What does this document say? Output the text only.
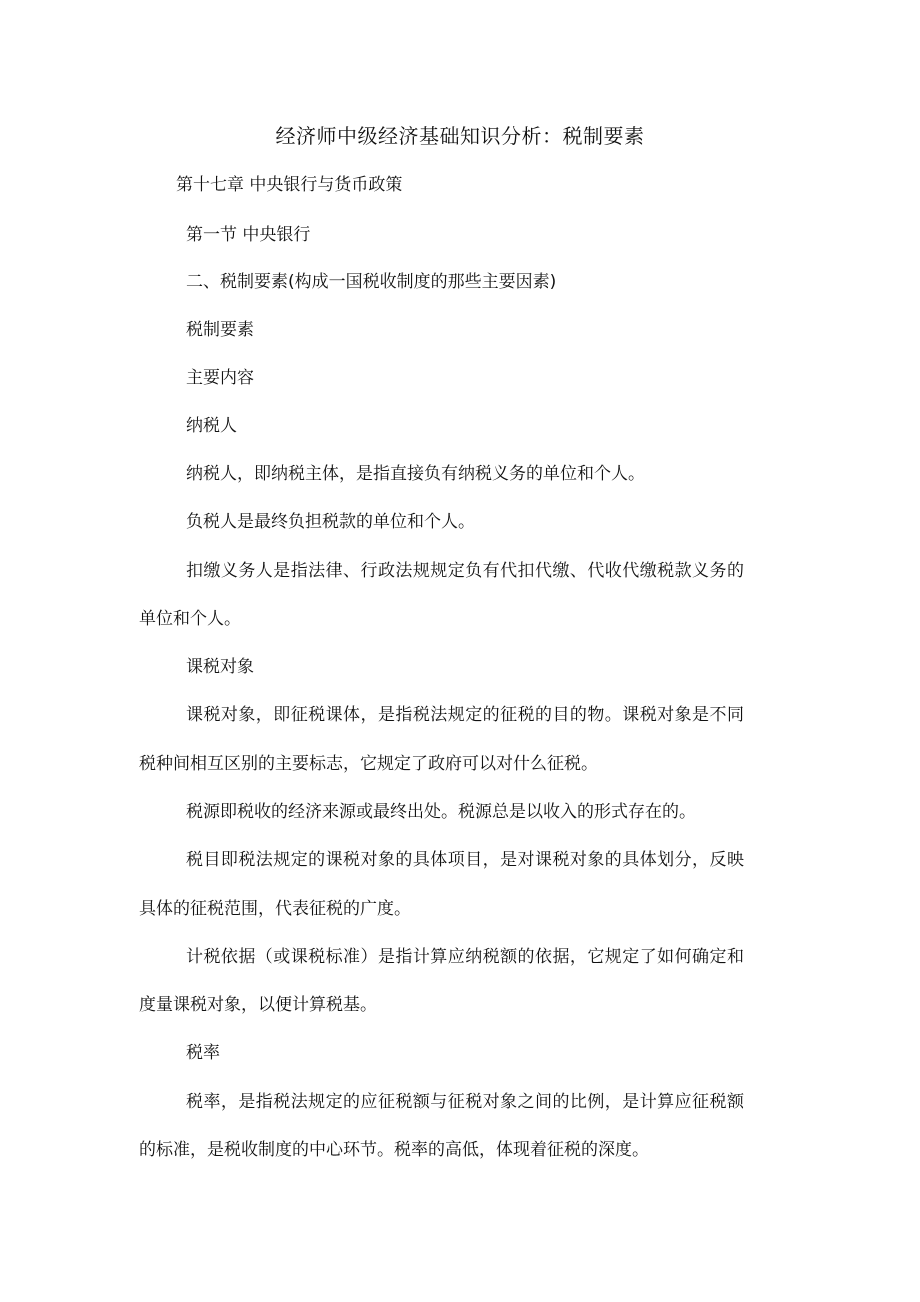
经济师中级经济基础知识分析：税制要素
第十七章 中央银行与货币政策
第一节 中央银行
二、税制要素(构成一国税收制度的那些主要因素)
税制要素
主要内容
纳税人
纳税人，即纳税主体，是指直接负有纳税义务的单位和个人。
负税人是最终负担税款的单位和个人。
扣缴义务人是指法律、行政法规规定负有代扣代缴、代收代缴税款义务的
单位和个人。
课税对象
课税对象，即征税课体，是指税法规定的征税的目的物。课税对象是不同
税种间相互区别的主要标志，它规定了政府可以对什么征税。
税源即税收的经济来源或最终出处。税源总是以收入的形式存在的。
税目即税法规定的课税对象的具体项目，是对课税对象的具体划分，反映
具体的征税范围，代表征税的广度。
计税依据（或课税标准）是指计算应纳税额的依据，它规定了如何确定和
度量课税对象，以便计算税基。
税率
税率，是指税法规定的应征税额与征税对象之间的比例，是计算应征税额
的标准，是税收制度的中心环节。税率的高低，体现着征税的深度。
